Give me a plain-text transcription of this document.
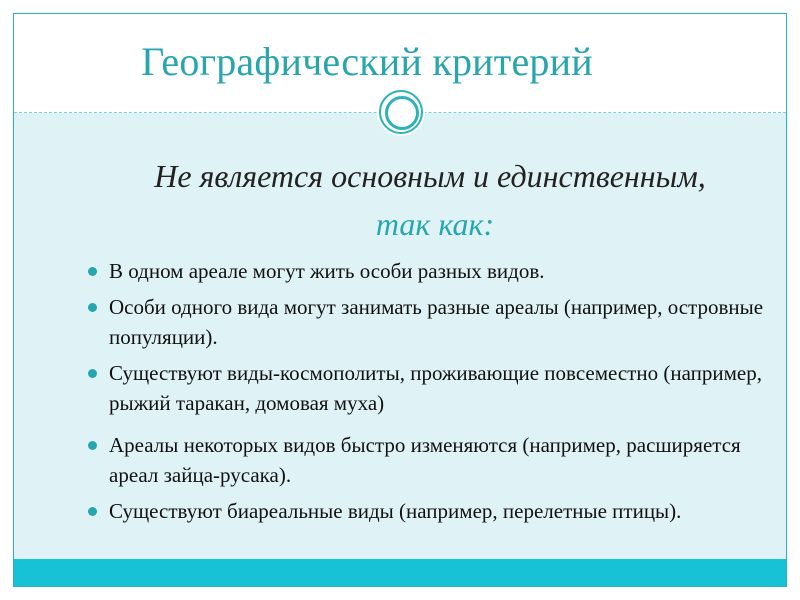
Географический критерий
Не является основным и единственным,
так как:
В одном ареале могут жить особи разных видов.
Особи одного вида могут занимать разные ареалы (например, островные популяции).
Существуют виды-космополиты, проживающие повсеместно (например, рыжий таракан, домовая муха)
Ареалы некоторых видов быстро изменяются (например, расширяется ареал зайца-русака).
Существуют биареальные виды (например, перелетные птицы).
